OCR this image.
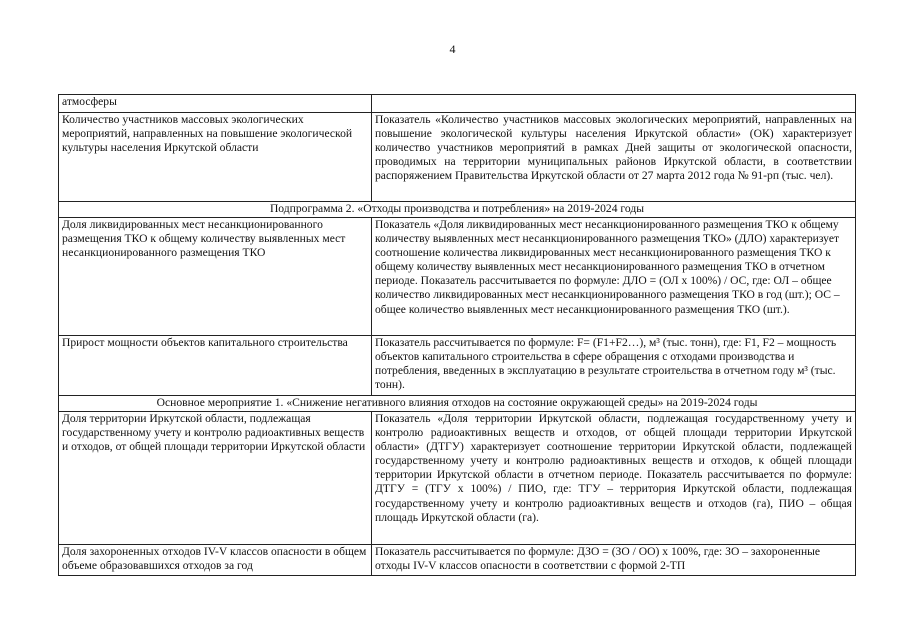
4
атмосферы	
Количество участников массовых экологических мероприятий, направленных на повышение экологической культуры населения Иркутской области	Показатель «Количество участников массовых экологических мероприятий, направленных на повышение экологической культуры населения Иркутской области» (ОК) характеризует количество участников мероприятий в рамках Дней защиты от экологической опасности, проводимых на территории муниципальных районов Иркутской области, в соответствии распоряжением Правительства Иркутской области от 27 марта 2012 года № 91-рп (тыс. чел).
Подпрограмма 2. «Отходы производства и потребления» на 2019-2024 годы	
Доля ликвидированных мест несанкционированного размещения ТКО к общему количеству выявленных мест несанкционированного размещения ТКО	Показатель «Доля ликвидированных мест несанкционированного размещения ТКО к общему количеству выявленных мест несанкционированного размещения ТКО» (ДЛО) характеризует соотношение количества ликвидированных мест несанкционированного размещения ТКО к общему количеству выявленных мест несанкционированного размещения ТКО в отчетном периоде. Показатель рассчитывается по формуле: ДЛО = (ОЛ х 100%) / ОС, где: ОЛ – общее количество ликвидированных мест несанкционированного размещения ТКО в год (шт.); ОС – общее количество выявленных мест несанкционированного размещения ТКО (шт.).
Прирост мощности объектов капитального строительства	Показатель рассчитывается по формуле: F= (F1+F2…), м³ (тыс. тонн), где: F1, F2 – мощность объектов капитального строительства в сфере обращения с отходами производства и потребления, введенных в эксплуатацию в результате строительства в отчетном году м³ (тыс. тонн).
Основное мероприятие 1. «Снижение негативного влияния отходов на состояние окружающей среды» на 2019-2024 годы	
Доля территории Иркутской области, подлежащая государственному учету и контролю радиоактивных веществ и отходов, от общей площади территории Иркутской области	Показатель «Доля территории Иркутской области, подлежащая государственному учету и контролю радиоактивных веществ и отходов, от общей площади территории Иркутской области» (ДТГУ) характеризует соотношение территории Иркутской области, подлежащей государственному учету и контролю радиоактивных веществ и отходов, к общей площади территории Иркутской области в отчетном периоде. Показатель рассчитывается по формуле: ДТГУ = (ТГУ х 100%) / ПИО, где: ТГУ – территория Иркутской области, подлежащая государственному учету и контролю радиоактивных веществ и отходов (га), ПИО – общая площадь Иркутской области (га).
Доля захороненных отходов IV-V классов опасности в общем объеме образовавшихся отходов за год	Показатель рассчитывается по формуле: ДЗО = (ЗО / ОО) х 100%, где: ЗО – захороненные отходы IV-V классов опасности в соответствии с формой 2-ТП
